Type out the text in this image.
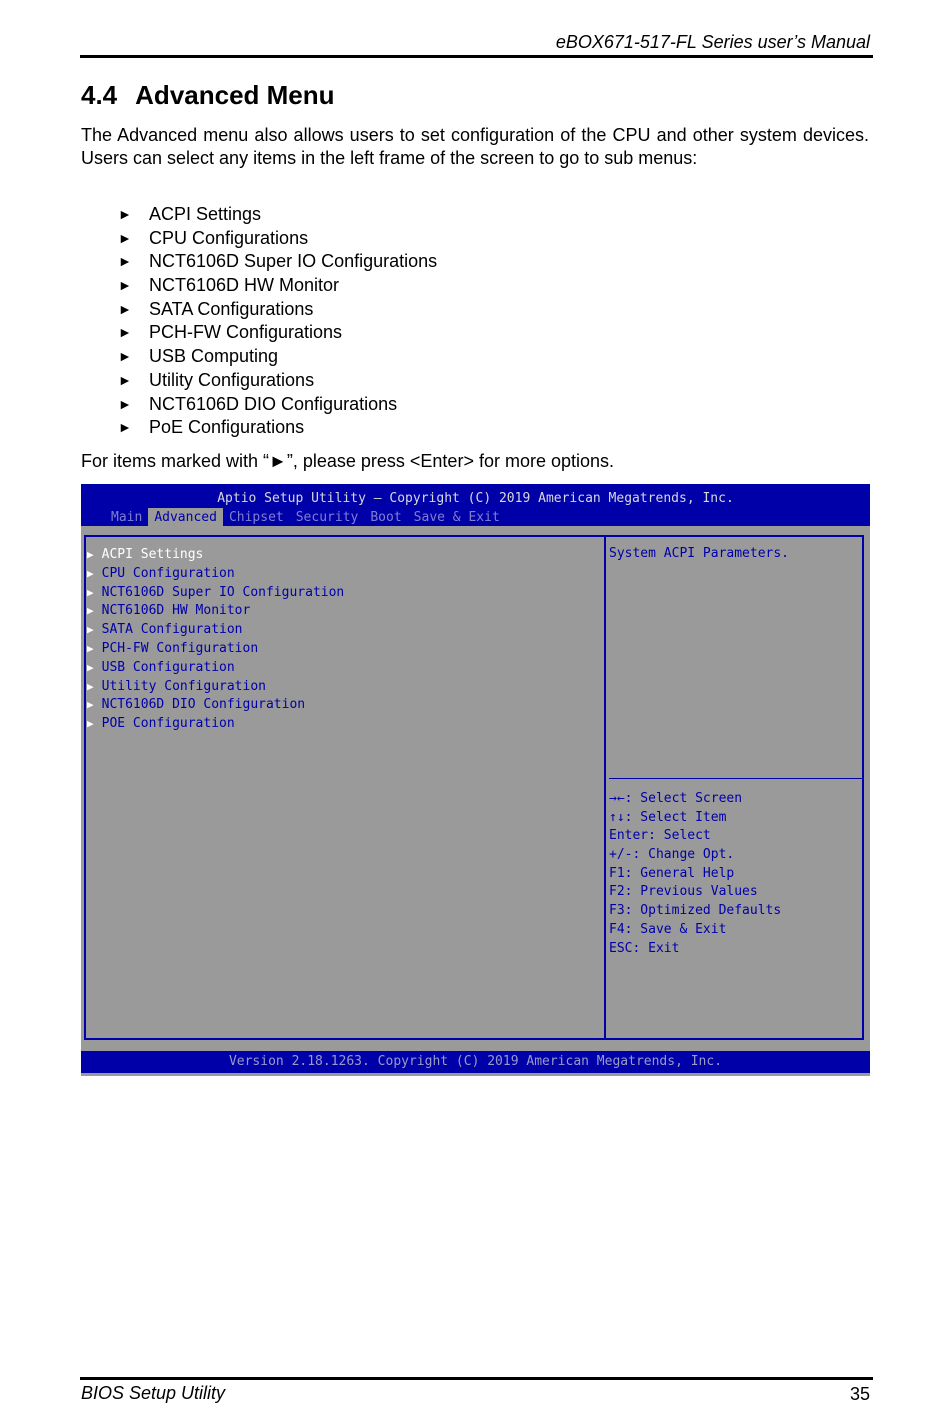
eBOX671-517-FL Series user’s Manual
4.4 Advanced Menu

The Advanced menu also allows users to set configuration of the CPU and other system devices. Users can select any items in the left frame of the screen to go to sub menus:

► ACPI Settings
► CPU Configurations
► NCT6106D Super IO Configurations
► NCT6106D HW Monitor
► SATA Configurations
► PCH-FW Configurations
► USB Computing
► Utility Configurations
► NCT6106D DIO Configurations
► PoE Configurations

For items marked with “►”, please press <Enter> for more options.

Aptio Setup Utility – Copyright (C) 2019 American Megatrends, Inc.
Main Advanced Chipset Security Boot Save & Exit
▶ ACPI Settings
▶ CPU Configuration
▶ NCT6106D Super IO Configuration
▶ NCT6106D HW Monitor
▶ SATA Configuration
▶ PCH-FW Configuration
▶ USB Configuration
▶ Utility Configuration
▶ NCT6106D DIO Configuration
▶ POE Configuration
System ACPI Parameters.
→←: Select Screen
↑↓: Select Item
Enter: Select
+/-: Change Opt.
F1: General Help
F2: Previous Values
F3: Optimized Defaults
F4: Save & Exit
ESC: Exit
Version 2.18.1263. Copyright (C) 2019 American Megatrends, Inc.
BIOS Setup Utility	35
